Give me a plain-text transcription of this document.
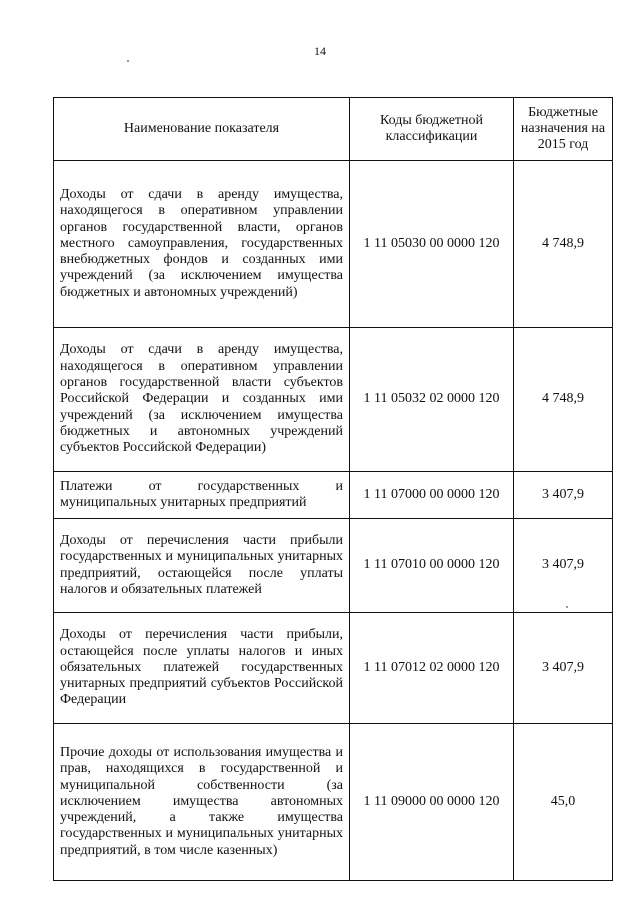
14
Наименование показателя	Коды бюджетной классификации	Бюджетные назначения на 2015 год
Доходы от сдачи в аренду имущества, находящегося в оперативном управлении органов государственной власти, органов местного самоуправления, государственных внебюджетных фондов и созданных ими учреждений (за исключением имущества бюджетных и автономных учреждений)	1 11 05030 00 0000 120	4 748,9
Доходы от сдачи в аренду имущества, находящегося в оперативном управлении органов государственной власти субъектов Российской Федерации и созданных ими учреждений (за исключением имущества бюджетных и автономных учреждений субъектов Российской Федерации)	1 11 05032 02 0000 120	4 748,9
Платежи от государственных и муниципальных унитарных предприятий	1 11 07000 00 0000 120	3 407,9
Доходы от перечисления части прибыли государственных и муниципальных унитарных предприятий, остающейся после уплаты налогов и обязательных платежей	1 11 07010 00 0000 120	3 407,9
Доходы от перечисления части прибыли, остающейся после уплаты налогов и иных обязательных платежей государственных унитарных предприятий субъектов Российской Федерации	1 11 07012 02 0000 120	3 407,9
Прочие доходы от использования имущества и прав, находящихся в государственной и муниципальной собственности (за исключением имущества автономных учреждений, а также имущества государственных и муниципальных унитарных предприятий, в том числе казенных)	1 11 09000 00 0000 120	45,0
